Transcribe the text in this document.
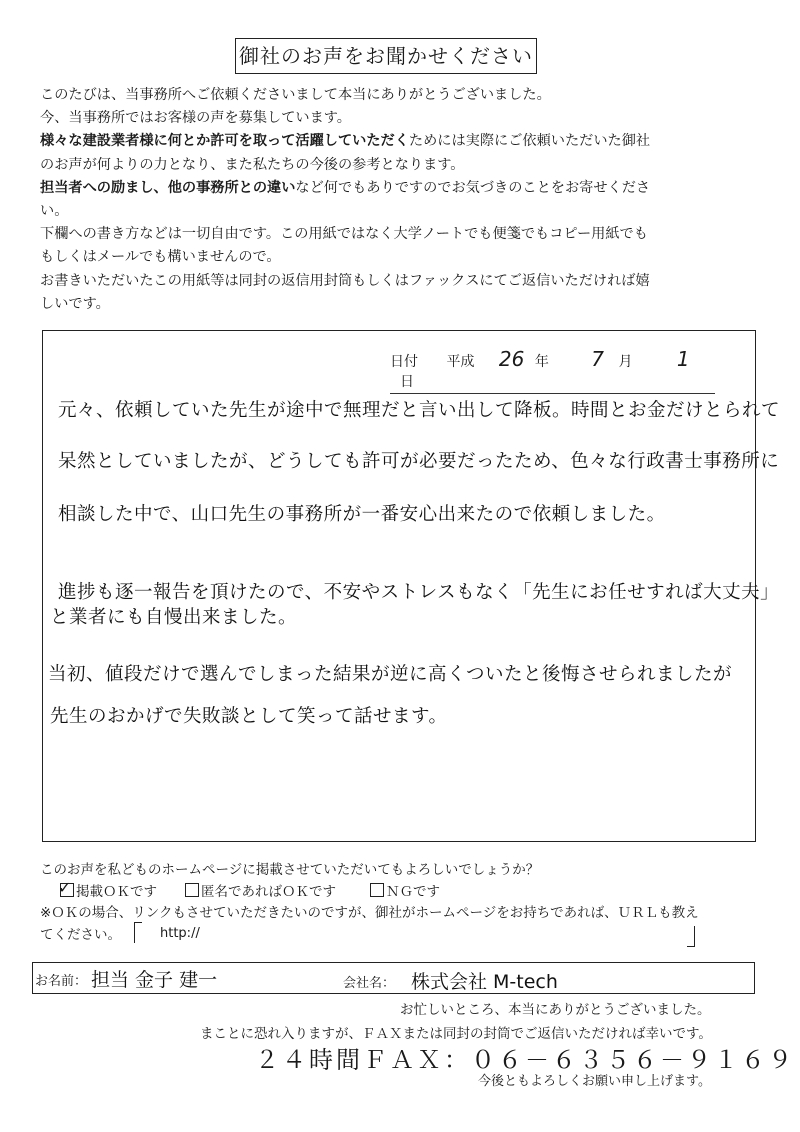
御社のお声をお聞かせください

このたびは、当事務所へご依頼くださいまして本当にありがとうございました。

今、当事務所ではお客様の声を募集しています。

様々な建設業者様に何とか許可を取って活躍していただくためには実際にご依頼いただいた御社

のお声が何よりの力となり、また私たちの今後の参考となります。

担当者への励まし、他の事務所との違いなど何でもありですのでお気づきのことをお寄せくださ

い。

下欄への書き方などは一切自由です。この用紙ではなく大学ノートでも便箋でもコピー用紙でも

もしくはメールでも構いませんので。

お書きいただいたこの用紙等は同封の返信用封筒もしくはファックスにてご返信いただければ嬉

しいです。

日付 平成 26 年 7 月 1 日
元々、依頼していた先生が途中で無理だと言い出して降板。時間とお金だけとられて
呆然としていましたが、どうしても許可が必要だったため、色々な行政書士事務所に
相談した中で、山口先生の事務所が一番安心出来たので依頼しました。
進捗も逐一報告を頂けたので、不安やストレスもなく「先生にお任せすれば大丈夫」
と業者にも自慢出来ました。
当初、値段だけで選んでしまった結果が逆に高くついたと後悔させられましたが
先生のおかげで失敗談として笑って話せます。
このお声を私どものホームページに掲載させていただいてもよろしいでしょうか？
✓ 掲載ＯＫです	匿名であればＯＫです	ＮＧです
※ＯＫの場合、リンクもさせていただきたいのですが、御社がホームページをお持ちであれば、ＵＲＬも教え
てください。	http://
お名前： 担当 金子 建一	会社名： 株式会社 M-tech
お忙しいところ、本当にありがとうございました。
まことに恐れ入りますが、ＦＡＸまたは同封の封筒でご返信いただければ幸いです。
２４時間ＦＡＸ：０６－６３５６－９１６９
今後ともよろしくお願い申し上げます。
